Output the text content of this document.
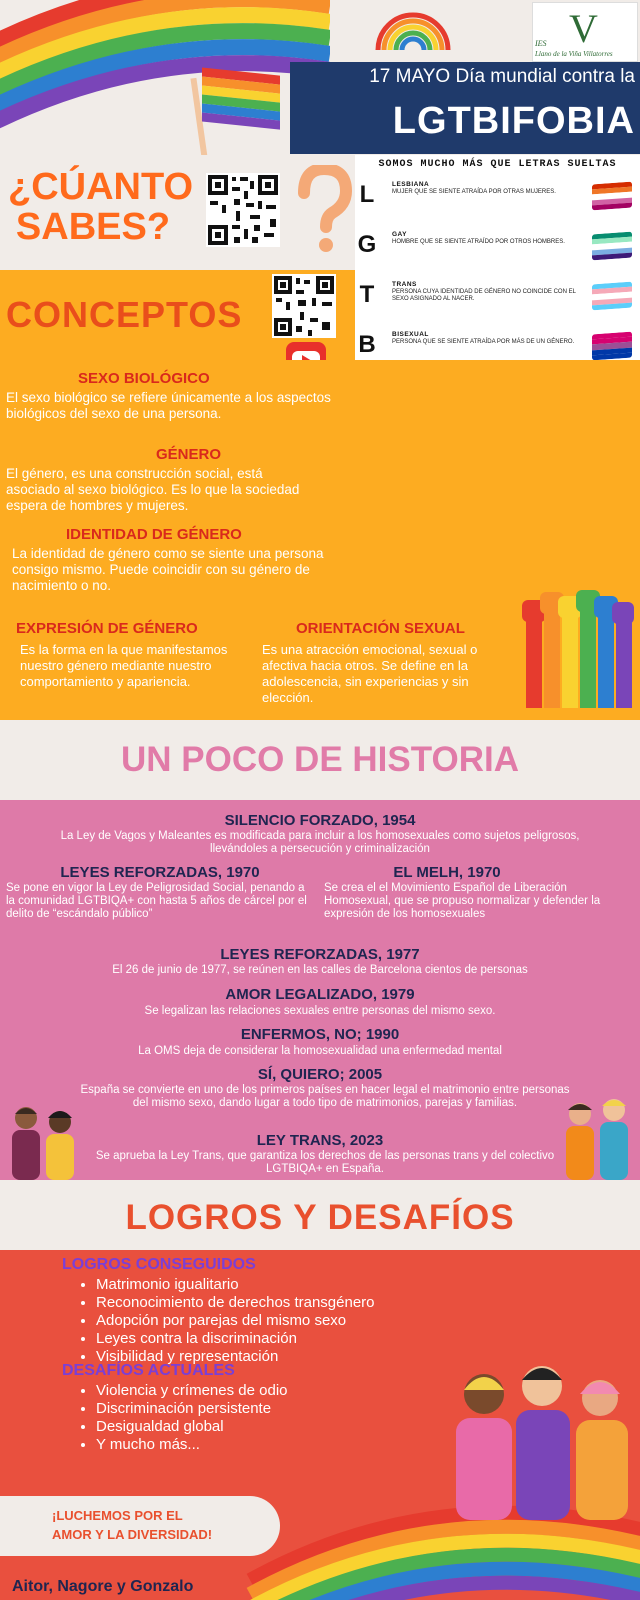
V
IES
Llano de la Viña Villatorres
17 MAYO Día mundial contra la
LGTBIFOBIA
¿CÚANTO
SABES?
SOMOS MUCHO MÁS QUE LETRAS SUELTAS
L	LESBIANA
MUJER QUE SE SIENTE ATRAÍDA POR OTRAS MUJERES.
G GAY
HOMBRE QUE SE SIENTE ATRAÍDO POR OTROS HOMBRES.
T	TRANS
PERSONA CUYA IDENTIDAD DE GÉNERO NO COINCIDE CON EL SEXO ASIGNADO AL NACER.
B	BISEXUAL
PERSONA QUE SE SIENTE ATRAÍDA POR MÁS DE UN GÉNERO.
CONCEPTOS
SEXO BIOLÓGICO
El sexo biológico se refiere únicamente a los aspectos biológicos del sexo de una persona.
GÉNERO
El género, es una construcción social, está asociado al sexo biológico. Es lo que la sociedad espera de hombres y mujeres.
IDENTIDAD DE GÉNERO
La identidad de género como se siente una persona consigo mismo. Puede coincidir con su género de nacimiento o no.
EXPRESIÓN DE GÉNERO
Es la forma en la que manifestamos nuestro género mediante nuestro comportamiento y apariencia.
ORIENTACIÓN SEXUAL
Es una atracción emocional, sexual o afectiva hacia otros. Se define en la adolescencia, sin experiencias y sin elección.
UN POCO DE HISTORIA
SILENCIO FORZADO, 1954
La Ley de Vagos y Maleantes es modificada para incluir a los homosexuales como sujetos peligrosos, llevándoles a persecución y criminalización
LEYES REFORZADAS, 1970
Se pone en vigor la Ley de Peligrosidad Social, penando a la comunidad LGTBIQA+ con hasta 5 años de cárcel por el delito de “escándalo público”
EL MELH, 1970
Se crea el el Movimiento Español de Liberación Homosexual, que se propuso normalizar y defender la expresión de los homosexuales
LEYES REFORZADAS, 1977
El 26 de junio de 1977, se reúnen en las calles de Barcelona cientos de personas
AMOR LEGALIZADO, 1979
Se legalizan las relaciones sexuales entre personas del mismo sexo.
ENFERMOS, NO; 1990
La OMS deja de considerar la homosexualidad una enfermedad mental
SÍ, QUIERO; 2005
España se convierte en uno de los primeros países en hacer legal el matrimonio entre personas del mismo sexo, dando lugar a todo tipo de matrimonios, parejas y familias.
LEY TRANS, 2023
Se aprueba la Ley Trans, que garantiza los derechos de las personas trans y del colectivo LGTBIQA+ en España.
LOGROS Y DESAFÍOS
LOGROS CONSEGUIDOS
• Matrimonio igualitario
• Reconocimiento de derechos transgénero
• Adopción por parejas del mismo sexo
• Leyes contra la discriminación
• Visibilidad y representación
DESAFÍOS ACTUALES
• Violencia y crímenes de odio
• Discriminación persistente
• Desigualdad global
• Y mucho más...
¡LUCHEMOS POR EL
AMOR Y LA DIVERSIDAD!
Aitor, Nagore y Gonzalo
